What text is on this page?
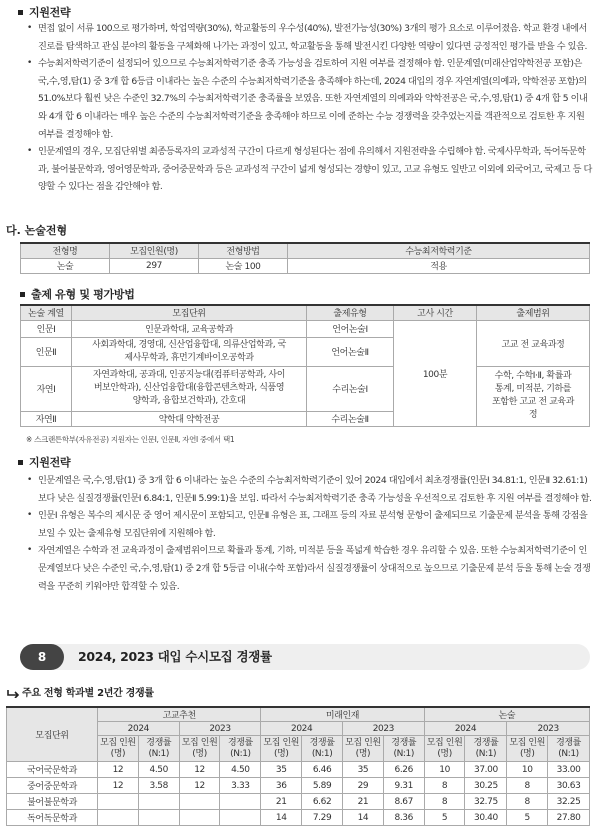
지원전략

• 면접 없이 서류 100으로 평가하며, 학업역량(30%), 학교활동의 우수성(40%), 발전가능성(30%) 3개의 평가 요소로 이루어졌음. 학교 환경 내에서 진로를 탐색하고 관심 분야의 활동을 구체화해 나가는 과정이 있고, 학교활동을 통해 발전시킨 다양한 역량이 있다면 긍정적인 평가를 받을 수 있음.

• 수능최저학력기준이 설정되어 있으므로 수능최저학력기준 충족 가능성을 검토하여 지원 여부를 결정해야 함. 인문계열(미래산업약학전공 포함)은 국,수,영,탐(1) 중 3개 합 6등급 이내라는 높은 수준의 수능최저학력기준을 충족해야 하는데, 2024 대입의 경우 자연계열(의예과, 약학전공 포함)의 51.0%보다 훨씬 낮은 수준인 32.7%의 수능최저학력기준 충족률을 보였음. 또한 자연계열의 의예과와 약학전공은 국,수,영,탐(1) 중 4개 합 5 이내와 4개 합 6 이내라는 매우 높은 수준의 수능최저학력기준을 충족해야 하므로 이에 준하는 수능 경쟁력을 갖추었는지를 객관적으로 검토한 후 지원 여부를 결정해야 함.

• 인문계열의 경우, 모집단위별 최종등록자의 교과성적 구간이 다르게 형성된다는 점에 유의해서 지원전략을 수립해야 함. 국제사무학과, 독어독문학과, 불어불문학과, 영어영문학과, 중어중문학과 등은 교과성적 구간이 넓게 형성되는 경향이 있고, 고교 유형도 일반고 이외에 외국어고, 국제고 등 다양할 수 있다는 점을 감안해야 함.

다. 논술전형
전형명	모집인원(명)	전형방법	수능최저학력기준
논술	297	논술 100	적용
출제 유형 및 평가방법
논술 계열	모집단위	출제유형	고사 시간	출제범위
인문Ⅰ	인문과학대, 교육공학과	언어논술Ⅰ	100분	고교 전 교육과정
인문Ⅱ	사회과학대, 경영대, 신산업융합대, 의류산업학과, 국제사무학과, 휴먼기계바이오공학과	언어논술Ⅱ		
자연Ⅰ	자연과학대, 공과대, 인공지능대(컴퓨터공학과, 사이버보안학과), 신산업융합대(융합콘텐츠학과, 식품영양학과, 융합보건학과), 간호대	수리논술Ⅰ		수학, 수학Ⅰ·Ⅱ, 확률과 통계, 미적분, 기하를 포함한 고교 전 교육과정
자연Ⅱ	약학대 약학전공	수리논술Ⅱ		
※ 스크랜튼학부(자유전공) 지원자는 인문Ⅰ, 인문Ⅱ, 자연Ⅰ 중에서 택1
지원전략

• 인문계열은 국,수,영,탐(1) 중 3개 합 6 이내라는 높은 수준의 수능최저학력기준이 있어 2024 대입에서 최초경쟁률(인문Ⅰ 34.81:1, 인문Ⅱ 32.61:1)보다 낮은 실질경쟁률(인문Ⅰ 6.84:1, 인문Ⅱ 5.99:1)을 보임. 따라서 수능최저학력기준 충족 가능성을 우선적으로 검토한 후 지원 여부를 결정해야 함.

• 인문Ⅰ 유형은 복수의 제시문 중 영어 제시문이 포함되고, 인문Ⅱ 유형은 표, 그래프 등의 자료 분석형 문항이 출제되므로 기출문제 분석을 통해 강점을 보일 수 있는 출제유형 모집단위에 지원해야 함.

• 자연계열은 수학과 전 교육과정이 출제범위이므로 확률과 통계, 기하, 미적분 등을 폭넓게 학습한 경우 유리할 수 있음. 또한 수능최저학력기준이 인문계열보다 낮은 수준인 국,수,영,탐(1) 중 2개 합 5등급 이내(수학 포함)라서 실질경쟁률이 상대적으로 높으므로 기출문제 분석 등을 통해 논술 경쟁력을 꾸준히 키워야만 합격할 수 있음.

8	2024, 2023 대입 수시모집 경쟁률
주요 전형 학과별 2년간 경쟁률
모집단위	고교추천				미래인재				논술			
	2024		2023		2024		2023		2024		2023	
	모집 인원(명)	경쟁률 (N:1)	모집 인원(명)	경쟁률 (N:1)	모집 인원(명)	경쟁률 (N:1)	모집 인원(명)	경쟁률 (N:1)	모집 인원(명)	경쟁률 (N:1)	모집 인원(명)	경쟁률 (N:1)
국어국문학과	12	4.50	12	4.50	35	6.46	35	6.26	10	37.00	10	33.00
중어중문학과	12	3.58	12	3.33	36	5.89	29	9.31	8	30.25	8	30.63
불어불문학과					21	6.62	21	8.67	8	32.75	8	32.25
독어독문학과					14	7.29	14	8.36	5	30.40	5	27.80
